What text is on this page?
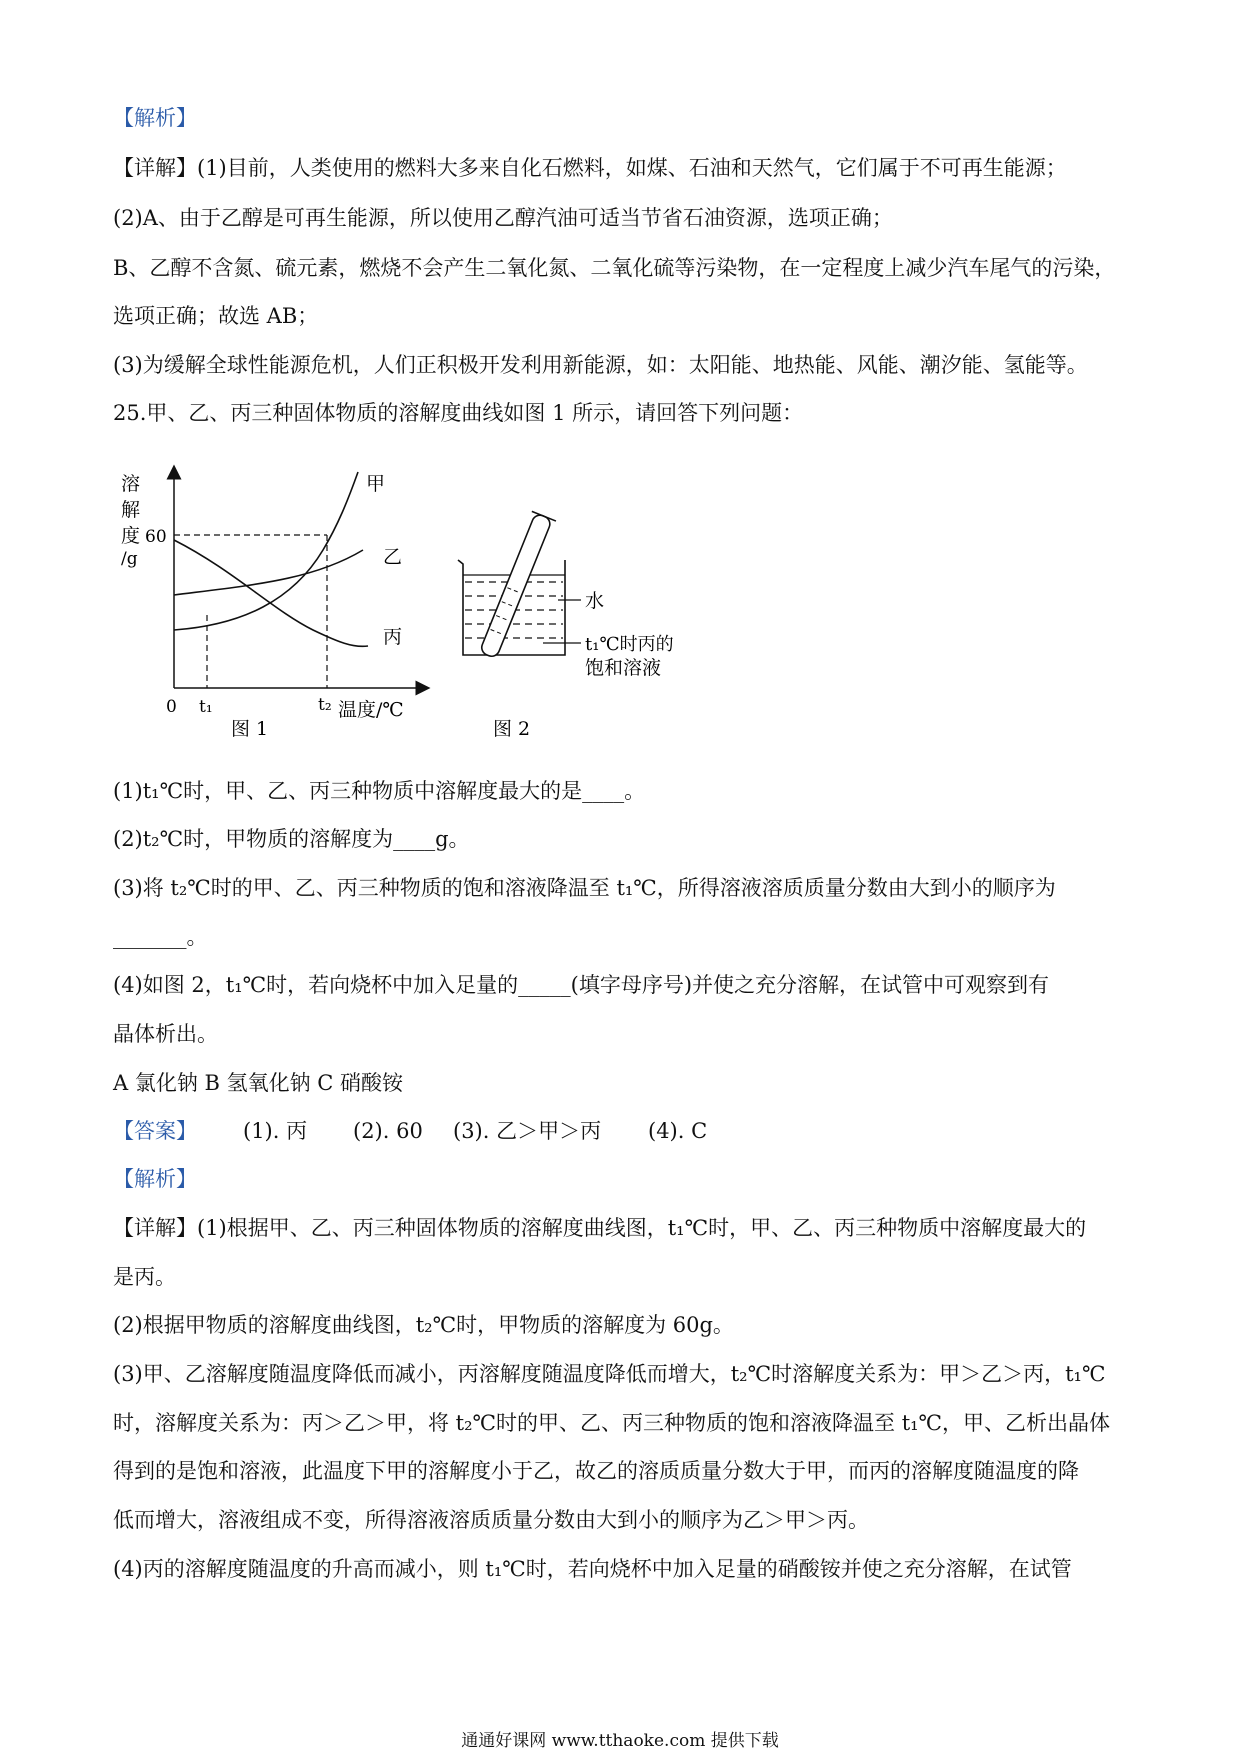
【解析】
【详解】(1)目前，人类使用的燃料大多来自化石燃料，如煤、石油和天然气，它们属于不可再生能源；
(2)A、由于乙醇是可再生能源，所以使用乙醇汽油可适当节省石油资源，选项正确；
B、乙醇不含氮、硫元素，燃烧不会产生二氧化氮、二氧化硫等污染物，在一定程度上减少汽车尾气的污染，
选项正确；故选 AB；
(3)为缓解全球性能源危机，人们正积极开发利用新能源，如：太阳能、地热能、风能、潮汐能、氢能等。
25.甲、乙、丙三种固体物质的溶解度曲线如图 1 所示，请回答下列问题：
溶
解
度
/g
60
0 t₁	t₂ 温度/℃
甲
乙
丙
图 1
水
t₁℃时丙的
饱和溶液
图 2
(1)t₁℃时，甲、乙、丙三种物质中溶解度最大的是____。
(2)t₂℃时，甲物质的溶解度为____g。
(3)将 t₂℃时的甲、乙、丙三种物质的饱和溶液降温至 t₁℃，所得溶液溶质质量分数由大到小的顺序为
_______。
(4)如图 2，t₁℃时，若向烧杯中加入足量的_____(填字母序号)并使之充分溶解，在试管中可观察到有
晶体析出。
A 氯化钠 B 氢氧化钠 C 硝酸铵
【答案】 (1). 丙 (2). 60 (3). 乙＞甲＞丙 (4). C
【解析】
【详解】(1)根据甲、乙、丙三种固体物质的溶解度曲线图，t₁℃时，甲、乙、丙三种物质中溶解度最大的
是丙。
(2)根据甲物质的溶解度曲线图，t₂℃时，甲物质的溶解度为 60g。
(3)甲、乙溶解度随温度降低而减小，丙溶解度随温度降低而增大，t₂℃时溶解度关系为：甲＞乙＞丙，t₁℃
时，溶解度关系为：丙＞乙＞甲，将 t₂℃时的甲、乙、丙三种物质的饱和溶液降温至 t₁℃，甲、乙析出晶体
得到的是饱和溶液，此温度下甲的溶解度小于乙，故乙的溶质质量分数大于甲，而丙的溶解度随温度的降
低而增大，溶液组成不变，所得溶液溶质质量分数由大到小的顺序为乙＞甲＞丙。
(4)丙的溶解度随温度的升高而减小，则 t₁℃时，若向烧杯中加入足量的硝酸铵并使之充分溶解，在试管
通通好课网 www.tthaoke.com 提供下载
